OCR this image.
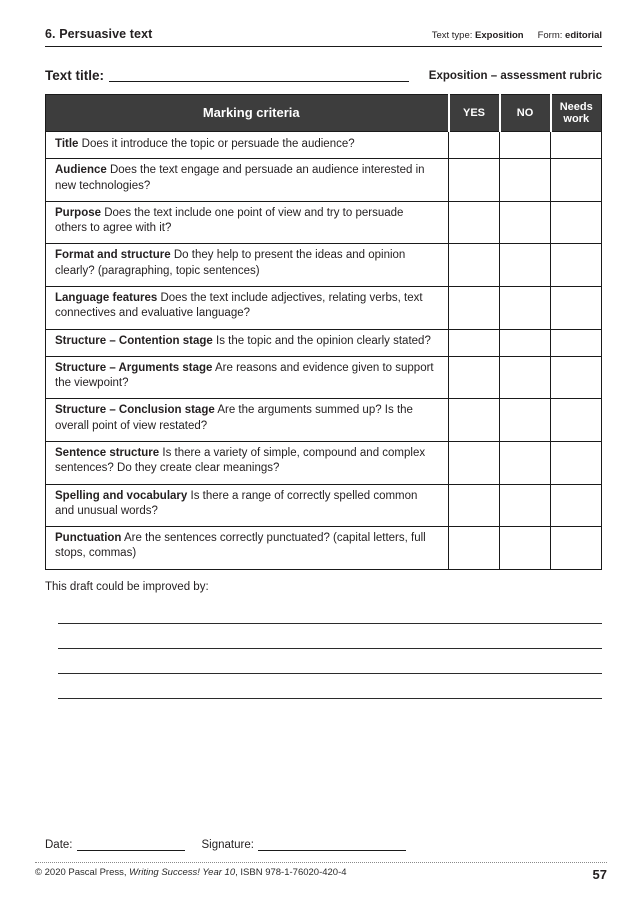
6. Persuasive text	Text type: Exposition Form: editorial
Text title:	Exposition – assessment rubric
Marking criteria	YES	NO	Needs work
Title Does it introduce the topic or persuade the audience?			
Audience Does the text engage and persuade an audience interested in new technologies?			
Purpose Does the text include one point of view and try to persuade others to agree with it?			
Format and structure Do they help to present the ideas and opinion clearly? (paragraphing, topic sentences)			
Language features Does the text include adjectives, relating verbs, text connectives and evaluative language?			
Structure – Contention stage Is the topic and the opinion clearly stated?			
Structure – Arguments stage Are reasons and evidence given to support the viewpoint?			
Structure – Conclusion stage Are the arguments summed up? Is the overall point of view restated?			
Sentence structure Is there a variety of simple, compound and complex sentences? Do they create clear meanings?			
Spelling and vocabulary Is there a range of correctly spelled common and unusual words?			
Punctuation Are the sentences correctly punctuated? (capital letters, full stops, commas)			
This draft could be improved by:
Date:	Signature:
© 2020 Pascal Press, Writing Success! Year 10, ISBN 978-1-76020-420-4	57
